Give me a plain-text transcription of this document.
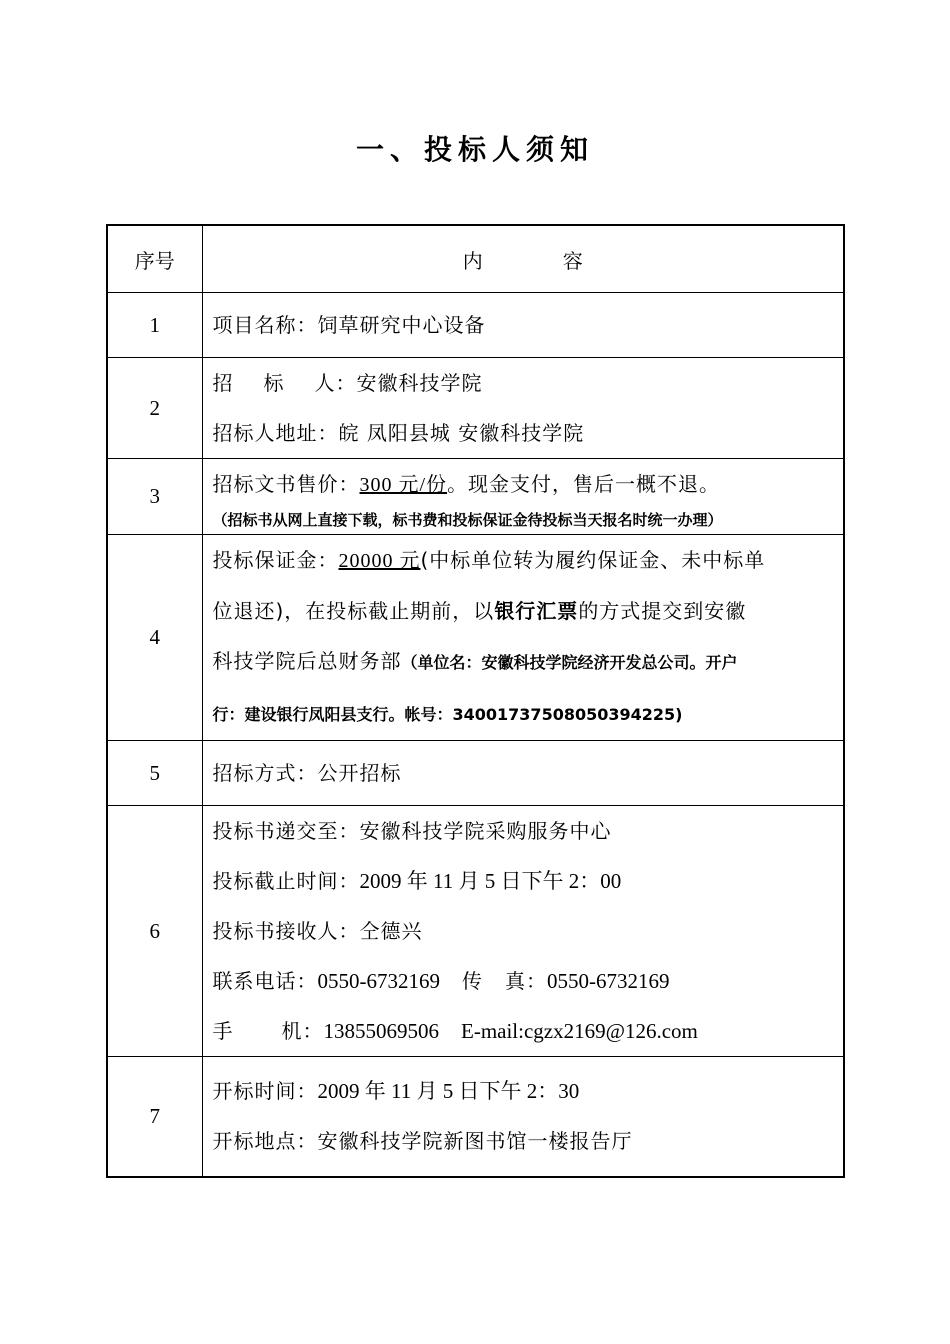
一、投标人须知
序号	内 容
1	项目名称：饲草研究中心设备

2	招 标 人：安徽科技学院
招标人地址：皖 凤阳县城 安徽科技学院

3	招标文书售价：300 元/份。现金支付，售后一概不退。
（招标书从网上直接下载，标书费和投标保证金待投标当天报名时统一办理）

4	投标保证金：20000 元(中标单位转为履约保证金、未中标单
位退还)，在投标截止期前，以银行汇票的方式提交到安徽
科技学院后总财务部（单位名：安徽科技学院经济开发总公司。开户
行：建设银行凤阳县支行。帐号：34001737508050394225)

5	招标方式：公开招标

6	投标书递交至：安徽科技学院采购服务中心
投标截止时间：2009 年 11 月 5 日下午 2：00
投标书接收人：仝德兴
联系电话：0550-6732169 传 真：0550-6732169
手 机：13855069506 E-mail:cgzx2169@126.com

7	开标时间：2009 年 11 月 5 日下午 2：30
开标地点：安徽科技学院新图书馆一楼报告厅
